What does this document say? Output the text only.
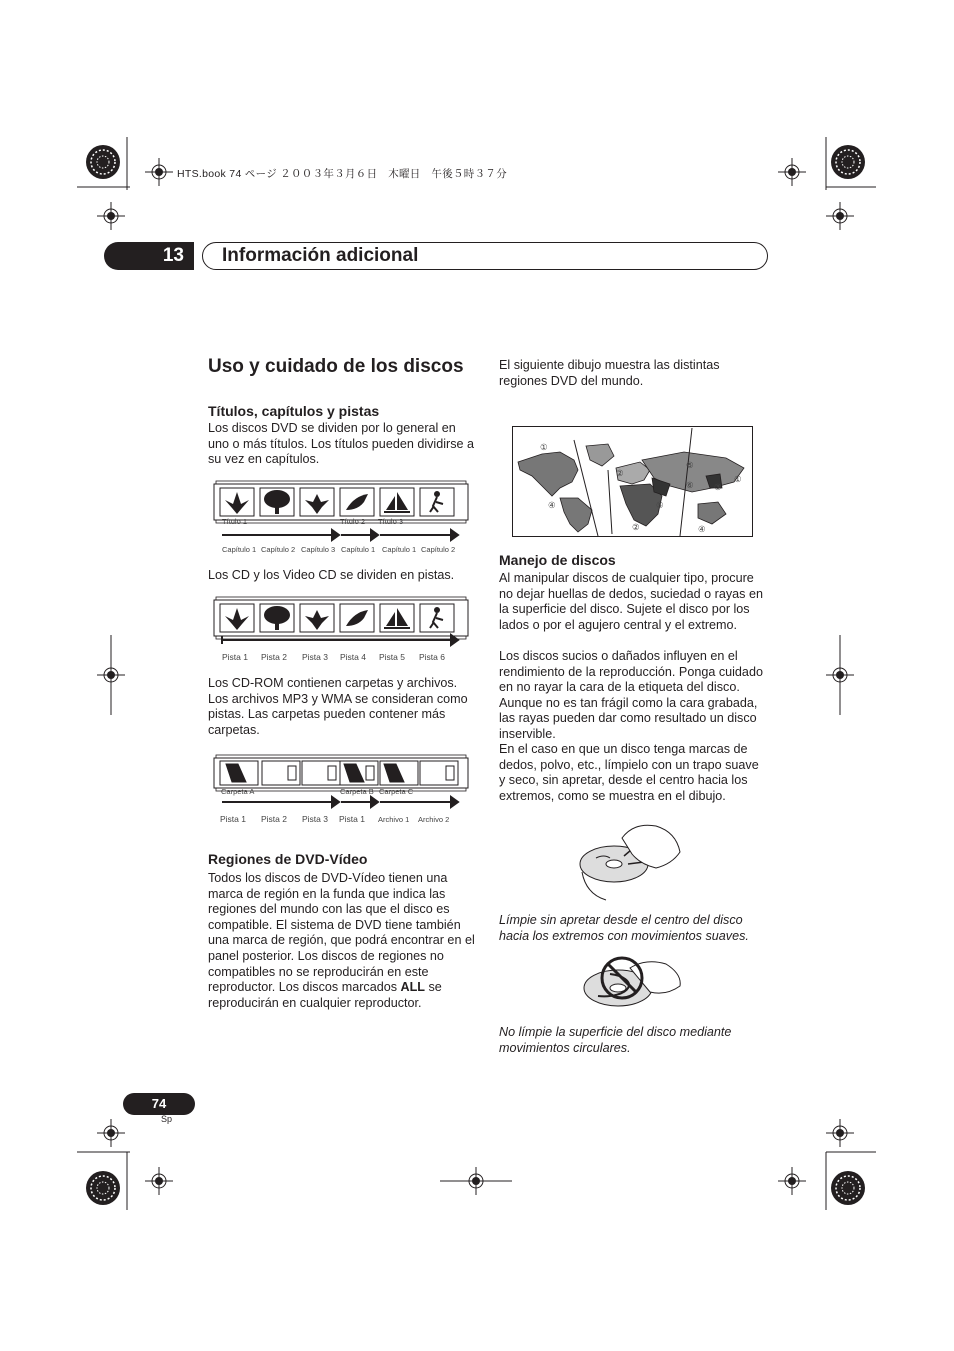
HTS.book 74 ページ ２００３年３月６日　木曜日　午後５時３７分
13	Información adicional
Uso y cuidado de los discos
Títulos, capítulos y pistas

Los discos DVD se dividen por lo general en uno o más títulos. Los títulos pueden dividirse a su vez en capítulos.

Título 1	Título 2 Título 3
Capítulo 1 Capítulo 2 Capítulo 3 Capítulo 1 Capítulo 1 Capítulo 2

Los CD y los Video CD se dividen en pistas.

Pista 1 Pista 2 Pista 3 Pista 4 Pista 5 Pista 6

Los CD-ROM contienen carpetas y archivos. Los archivos MP3 y WMA se consideran como pistas. Las carpetas pueden contener más carpetas.

Carpeta A	Carpeta B Carpeta C
Pista 1 Pista 2 Pista 3 Pista 1 Archivo 1 Archivo 2
Regiones de DVD-Vídeo

Todos los discos de DVD-Vídeo tienen una marca de región en la funda que indica las regiones del mundo con las que el disco es compatible. El sistema de DVD tiene también una marca de región, que podrá encontrar en el panel posterior. Los discos de regiones no compatibles no se reproducirán en este reproductor. Los discos marcados ALL se reproducirán en cualquier reproductor.

El siguiente dibujo muestra las distintas regiones DVD del mundo.

①
①
②
②
③
④
④
⑤
⑤
⑥
Manejo de discos

Al manipular discos de cualquier tipo, procure no dejar huellas de dedos, suciedad o rayas en la superficie del disco. Sujete el disco por los lados o por el agujero central y el extremo.

Los discos sucios o dañados influyen en el rendimiento de la reproducción. Ponga cuidado en no rayar la cara de la etiqueta del disco. Aunque no es tan frágil como la cara grabada, las rayas pueden dar como resultado un disco inservible.

En el caso en que un disco tenga marcas de dedos, polvo, etc., límpielo con un trapo suave y seco, sin apretar, desde el centro hacia los extremos, como se muestra en el dibujo.

Límpie sin apretar desde el centro del disco hacia los extremos con movimientos suaves.

No límpie la superficie del disco mediante movimientos circulares.

74
Sp
